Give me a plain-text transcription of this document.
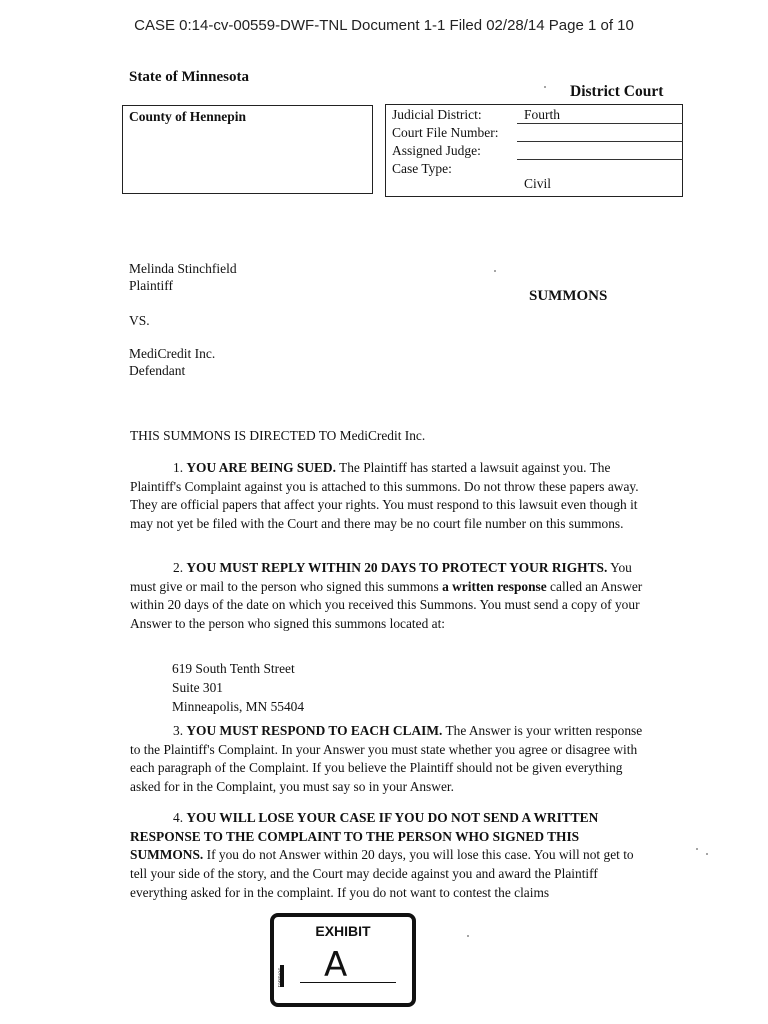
CASE 0:14-cv-00559-DWF-TNL Document 1-1 Filed 02/28/14 Page 1 of 10
State of Minnesota
District Court
County of Hennepin	Judicial District:	Fourth
Court File Number:
Assigned Judge:
Case Type:
Civil
Melinda Stinchfield
Plaintiff
VS.
MediCredit Inc.
Defendant
SUMMONS
THIS SUMMONS IS DIRECTED TO MediCredit Inc.

1. YOU ARE BEING SUED. The Plaintiff has started a lawsuit against you. The Plaintiff's Complaint against you is attached to this summons. Do not throw these papers away. They are official papers that affect your rights. You must respond to this lawsuit even though it may not yet be filed with the Court and there may be no court file number on this summons.

2. YOU MUST REPLY WITHIN 20 DAYS TO PROTECT YOUR RIGHTS. You must give or mail to the person who signed this summons a written response called an Answer within 20 days of the date on which you received this Summons. You must send a copy of your Answer to the person who signed this summons located at:

619 South Tenth Street
Suite 301
Minneapolis, MN 55404

3. YOU MUST RESPOND TO EACH CLAIM. The Answer is your written response to the Plaintiff's Complaint. In your Answer you must state whether you agree or disagree with each paragraph of the Complaint. If you believe the Plaintiff should not be given everything asked for in the Complaint, you must say so in your Answer.

4. YOU WILL LOSE YOUR CASE IF YOU DO NOT SEND A WRITTEN RESPONSE TO THE COMPLAINT TO THE PERSON WHO SIGNED THIS SUMMONS. If you do not Answer within 20 days, you will lose this case. You will not get to tell your side of the story, and the Court may decide against you and award the Plaintiff everything asked for in the complaint. If you do not want to contest the claims

EXHIBIT
A
